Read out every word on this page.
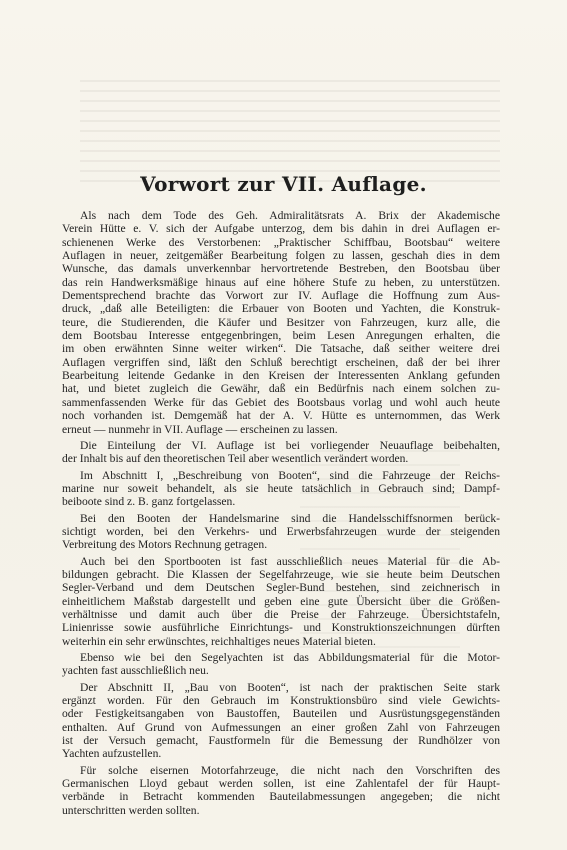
Vorwort zur VII. Auflage.
Als nach dem Tode des Geh. Admiralitätsrats A. Brix der Akademische
Verein Hütte e. V. sich der Aufgabe unterzog, dem bis dahin in drei Auflagen er-
schienenen Werke des Verstorbenen: „Praktischer Schiffbau, Bootsbau“ weitere
Auflagen in neuer, zeitgemäßer Bearbeitung folgen zu lassen, geschah dies in dem
Wunsche, das damals unverkennbar hervortretende Bestreben, den Bootsbau über
das rein Handwerksmäßige hinaus auf eine höhere Stufe zu heben, zu unterstützen.
Dementsprechend brachte das Vorwort zur IV. Auflage die Hoffnung zum Aus-
druck, „daß alle Beteiligten: die Erbauer von Booten und Yachten, die Konstruk-
teure, die Studierenden, die Käufer und Besitzer von Fahrzeugen, kurz alle, die
dem Bootsbau Interesse entgegenbringen, beim Lesen Anregungen erhalten, die
im oben erwähnten Sinne weiter wirken“. Die Tatsache, daß seither weitere drei
Auflagen vergriffen sind, läßt den Schluß berechtigt erscheinen, daß der bei ihrer
Bearbeitung leitende Gedanke in den Kreisen der Interessenten Anklang gefunden
hat, und bietet zugleich die Gewähr, daß ein Bedürfnis nach einem solchen zu-
sammenfassenden Werke für das Gebiet des Bootsbaus vorlag und wohl auch heute
noch vorhanden ist. Demgemäß hat der A. V. Hütte es unternommen, das Werk
erneut — nunmehr in VII. Auflage — erscheinen zu lassen.
Die Einteilung der VI. Auflage ist bei vorliegender Neuauflage beibehalten,
der Inhalt bis auf den theoretischen Teil aber wesentlich verändert worden.
Im Abschnitt I, „Beschreibung von Booten“, sind die Fahrzeuge der Reichs-
marine nur soweit behandelt, als sie heute tatsächlich in Gebrauch sind; Dampf-
beiboote sind z. B. ganz fortgelassen.
Bei den Booten der Handelsmarine sind die Handelsschiffsnormen berück-
sichtigt worden, bei den Verkehrs- und Erwerbsfahrzeugen wurde der steigenden
Verbreitung des Motors Rechnung getragen.
Auch bei den Sportbooten ist fast ausschließlich neues Material für die Ab-
bildungen gebracht. Die Klassen der Segelfahrzeuge, wie sie heute beim Deutschen
Segler-Verband und dem Deutschen Segler-Bund bestehen, sind zeichnerisch in
einheitlichem Maßstab dargestellt und geben eine gute Übersicht über die Größen-
verhältnisse und damit auch über die Preise der Fahrzeuge. Übersichtstafeln,
Linienrisse sowie ausführliche Einrichtungs- und Konstruktionszeichnungen dürften
weiterhin ein sehr erwünschtes, reichhaltiges neues Material bieten.
Ebenso wie bei den Segelyachten ist das Abbildungsmaterial für die Motor-
yachten fast ausschließlich neu.
Der Abschnitt II, „Bau von Booten“, ist nach der praktischen Seite stark
ergänzt worden. Für den Gebrauch im Konstruktionsbüro sind viele Gewichts-
oder Festigkeitsangaben von Baustoffen, Bauteilen und Ausrüstungsgegenständen
enthalten. Auf Grund von Aufmessungen an einer großen Zahl von Fahrzeugen
ist der Versuch gemacht, Faustformeln für die Bemessung der Rundhölzer von
Yachten aufzustellen.
Für solche eisernen Motorfahrzeuge, die nicht nach den Vorschriften des
Germanischen Lloyd gebaut werden sollen, ist eine Zahlentafel der für Haupt-
verbände in Betracht kommenden Bauteilabmessungen angegeben; die nicht
unterschritten werden sollten.
